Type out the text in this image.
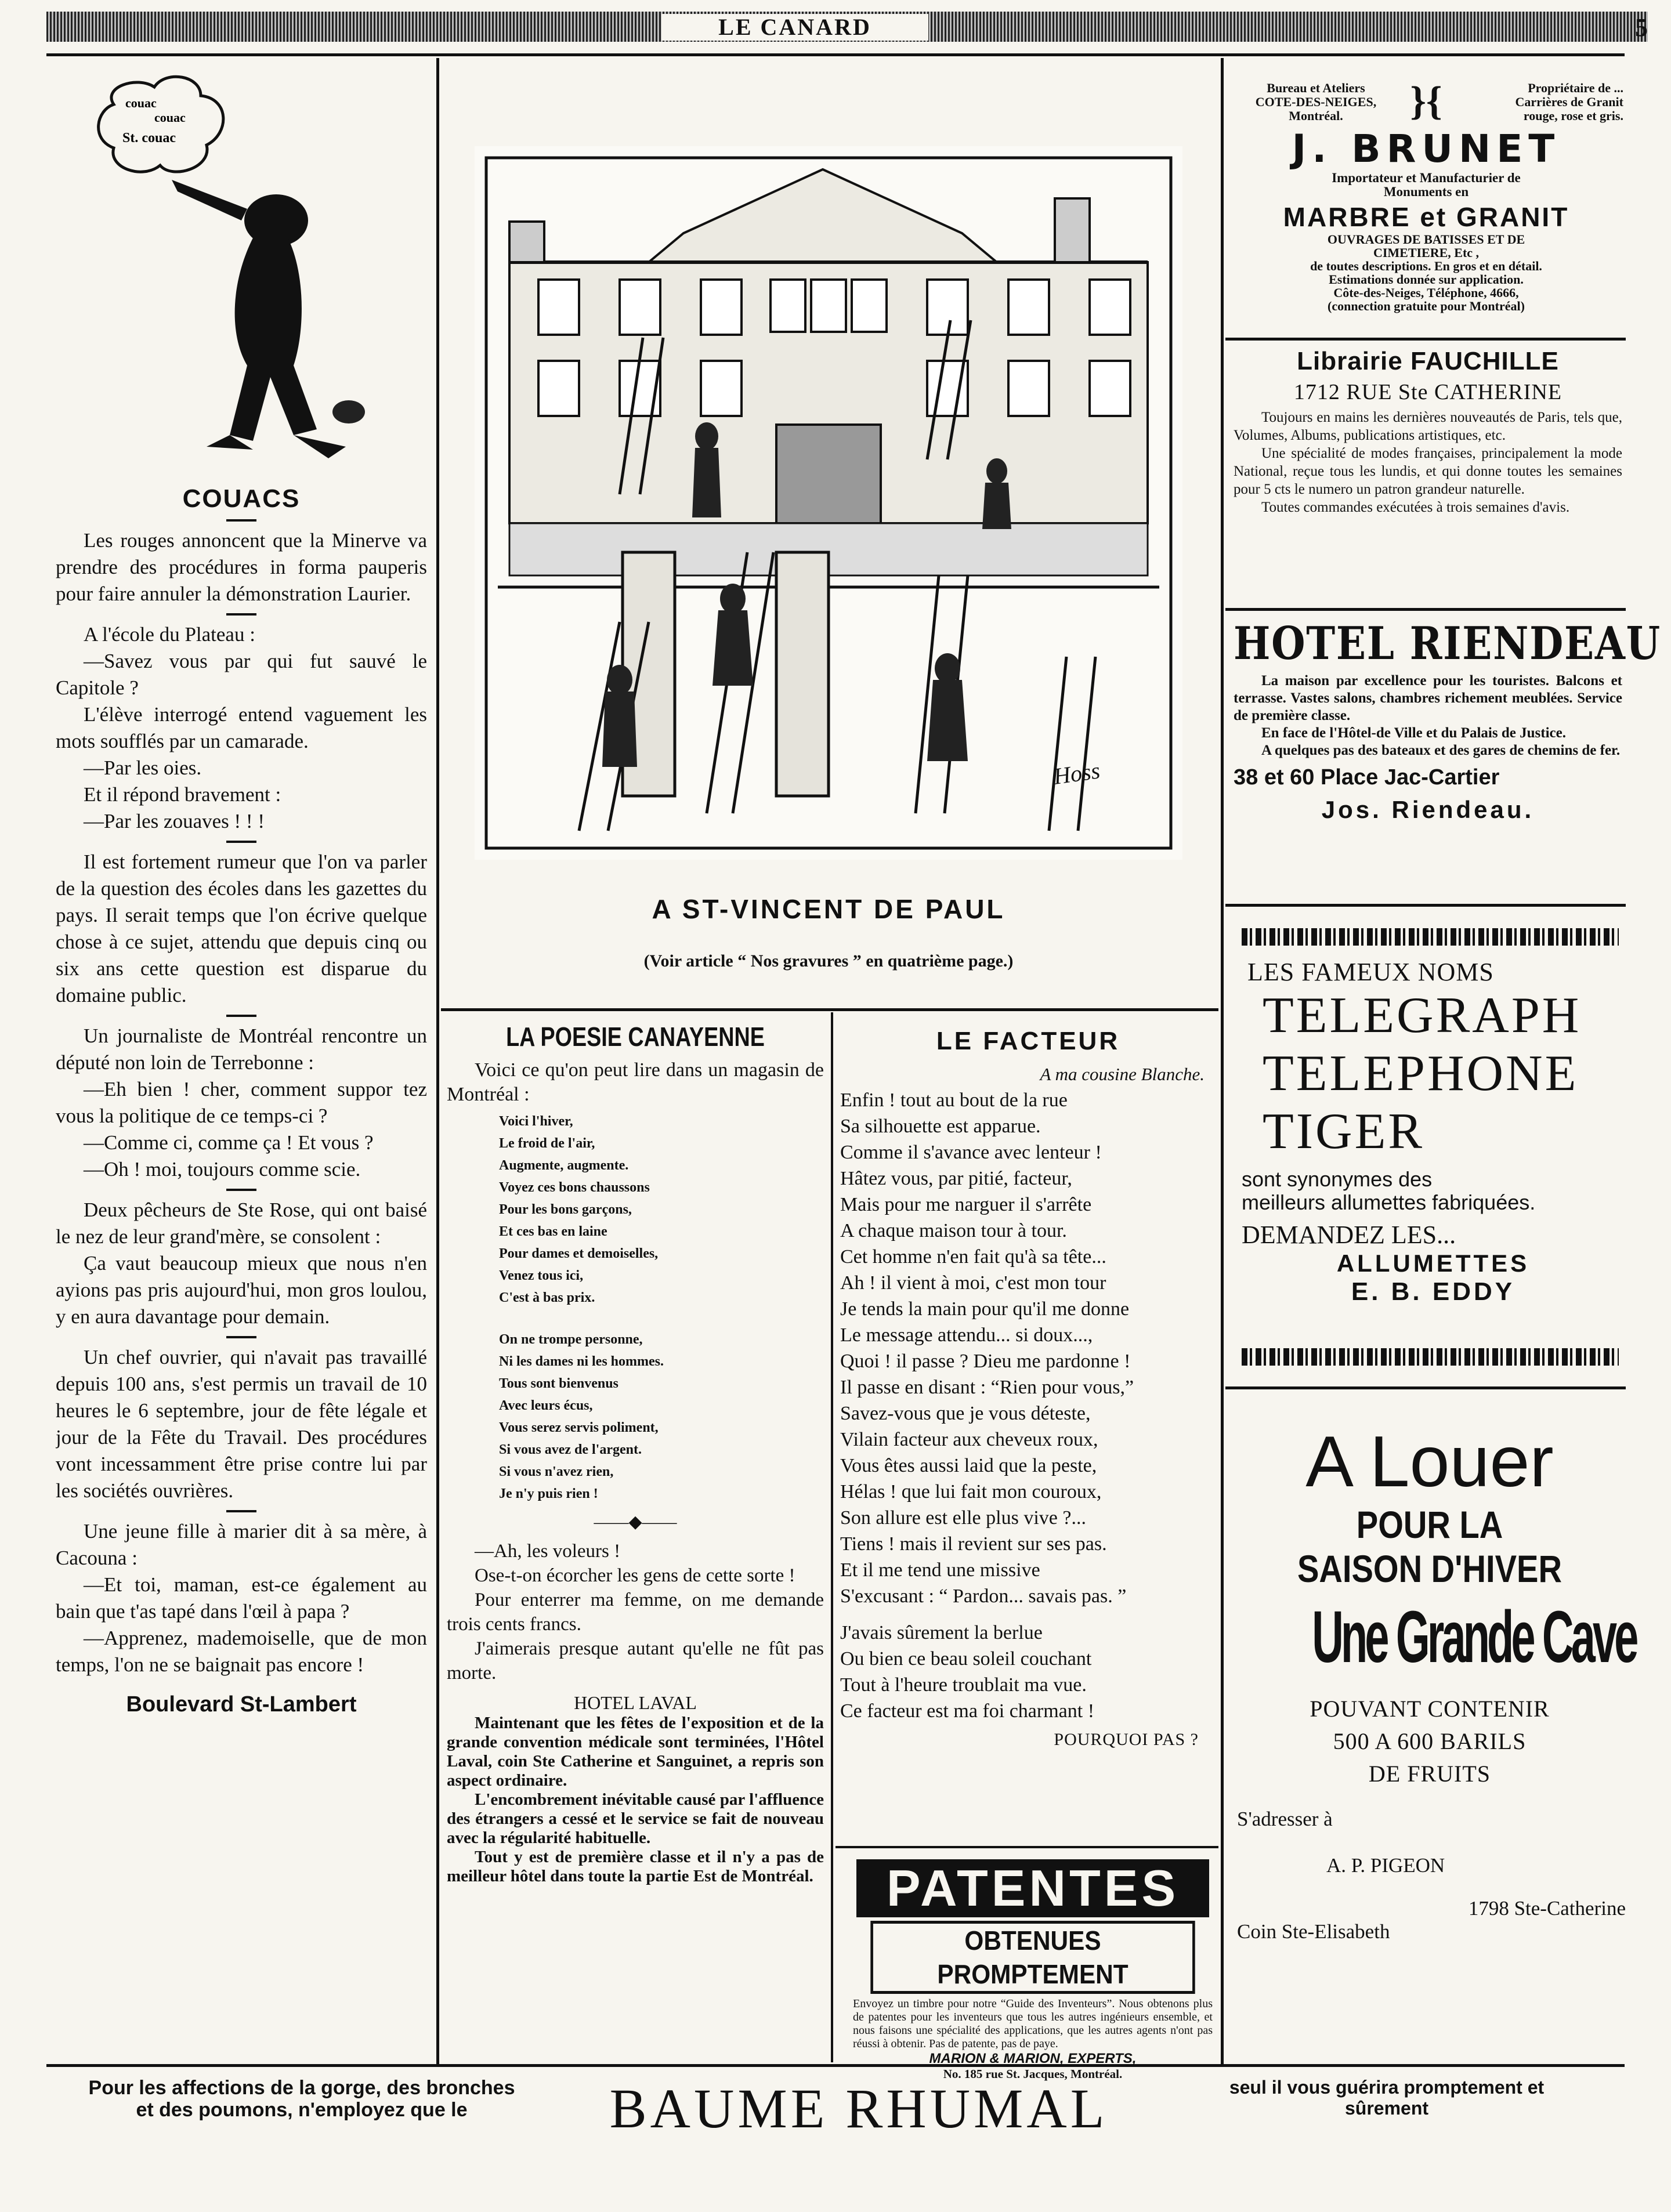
LE CANARD	5
couac
couac
St. couac
COUACS

Les rouges annoncent que la Minerve va prendre des procédures in forma pauperis pour faire annuler la démonstration Laurier.

A l'école du Plateau :

—Savez vous par qui fut sauvé le Capitole ?

L'élève interrogé entend vaguement les mots soufflés par un camarade.

—Par les oies.

Et il répond bravement :

—Par les zouaves ! ! !

Il est fortement rumeur que l'on va parler de la question des écoles dans les gazettes du pays. Il serait temps que l'on écrive quelque chose à ce sujet, attendu que depuis cinq ou six ans cette question est disparue du domaine public.

Un journaliste de Montréal rencontre un député non loin de Terrebonne :

—Eh bien ! cher, comment suppor tez vous la politique de ce temps-ci ?

—Comme ci, comme ça ! Et vous ?

—Oh ! moi, toujours comme scie.

Deux pêcheurs de Ste Rose, qui ont baisé le nez de leur grand'mère, se consolent :

Ça vaut beaucoup mieux que nous n'en ayions pas pris aujourd'hui, mon gros loulou, y en aura davantage pour demain.

Un chef ouvrier, qui n'avait pas travaillé depuis 100 ans, s'est permis un travail de 10 heures le 6 septembre, jour de fête légale et jour de la Fête du Travail. Des procédures vont incessamment être prise contre lui par les sociétés ouvrières.

Une jeune fille à marier dit à sa mère, à Cacouna :

—Et toi, maman, est-ce également au bain que t'as tapé dans l'œil à papa ?

—Apprenez, mademoiselle, que de mon temps, l'on ne se baignait pas encore !

Boulevard St-Lambert
Hoss
A ST-VINCENT DE PAUL
(Voir article “ Nos gravures ” en quatrième page.)
LA POESIE CANAYENNE

Voici ce qu'on peut lire dans un magasin de Montréal :

Voici l'hiver,
Le froid de l'air,
Augmente, augmente.
Voyez ces bons chaussons
Pour les bons garçons,
Et ces bas en laine
Pour dames et demoiselles,
Venez tous ici,
C'est à bas prix.
On ne trompe personne,
Ni les dames ni les hommes.
Tous sont bienvenus
Avec leurs écus,
Vous serez servis poliment,
Si vous avez de l'argent.
Si vous n'avez rien,
Je n'y puis rien !
——◆——

—Ah, les voleurs !

Ose-t-on écorcher les gens de cette sorte !

Pour enterrer ma femme, on me demande trois cents francs.

J'aimerais presque autant qu'elle ne fût pas morte.

HOTEL LAVAL

Maintenant que les fêtes de l'exposition et de la grande convention médicale sont terminées, l'Hôtel Laval, coin Ste Catherine et Sanguinet, a repris son aspect ordinaire.

L'encombrement inévitable causé par l'affluence des étrangers a cessé et le service se fait de nouveau avec la régularité habituelle.

Tout y est de première classe et il n'y a pas de meilleur hôtel dans toute la partie Est de Montréal.

LE FACTEUR
A ma cousine Blanche.
Enfin ! tout au bout de la rue
Sa silhouette est apparue.
Comme il s'avance avec lenteur !
Hâtez vous, par pitié, facteur,
Mais pour me narguer il s'arrête
A chaque maison tour à tour.
Cet homme n'en fait qu'à sa tête...
Ah ! il vient à moi, c'est mon tour
Je tends la main pour qu'il me donne
Le message attendu... si doux...,
Quoi ! il passe ? Dieu me pardonne !
Il passe en disant : “Rien pour vous,”
Savez-vous que je vous déteste,
Vilain facteur aux cheveux roux,
Vous êtes aussi laid que la peste,
Hélas ! que lui fait mon couroux,
Son allure est elle plus vive ?...
Tiens ! mais il revient sur ses pas.
Et il me tend une missive
S'excusant : “ Pardon... savais pas. ”
J'avais sûrement la berlue
Ou bien ce beau soleil couchant
Tout à l'heure troublait ma vue.
Ce facteur est ma foi charmant !
POURQUOI PAS ?
PATENTES
OBTENUES PROMPTEMENT
Envoyez un timbre pour notre “Guide des Inventeurs”. Nous obtenons plus de patentes pour les inventeurs que tous les autres ingénieurs ensemble, et nous faisons une spécialité des applications, que les autres agents n'ont pas réussi à obtenir. Pas de patente, pas de paye.
MARION & MARION, EXPERTS,
No. 185 rue St. Jacques, Montréal.
Bureau et Ateliers
COTE-DES-NEIGES,
Montréal.	}{	Propriétaire de ...
Carrières de Granit
rouge, rose et gris.
J. BRUNET
Importateur et Manufacturier de
Monuments en
MARBRE et GRANIT
OUVRAGES DE BATISSES ET DE
CIMETIERE, Etc ,
de toutes descriptions. En gros et en détail.
Estimations donnée sur application.
Côte-des-Neiges, Téléphone, 4666,
(connection gratuite pour Montréal)
Librairie FAUCHILLE
1712 RUE Ste CATHERINE

Toujours en mains les dernières nouveautés de Paris, tels que, Volumes, Albums, publications artistiques, etc.

Une spécialité de modes françaises, principalement la mode National, reçue tous les lundis, et qui donne toutes les semaines pour 5 cts le numero un patron grandeur naturelle.

Toutes commandes exécutées à trois semaines d'avis.

HOTEL RIENDEAU

La maison par excellence pour les touristes. Balcons et terrasse. Vastes salons, chambres richement meublées. Service de première classe.

En face de l'Hôtel-de Ville et du Palais de Justice.

A quelques pas des bateaux et des gares de chemins de fer.

38 et 60 Place Jac-Cartier
Jos. Riendeau.
LES FAMEUX NOMS
TELEGRAPH
TELEPHONE
TIGER
sont synonymes des
meilleurs allumettes fabriquées.
DEMANDEZ LES...
ALLUMETTES
E. B. EDDY
A Louer
POUR LA
SAISON D'HIVER
Une Grande Cave
POUVANT CONTENIR
500 A 600 BARILS
DE FRUITS
S'adresser à
A. P. PIGEON
1798 Ste-Catherine
Coin Ste-Elisabeth
Pour les affections de la gorge, des bronches
et des poumons, n'employez que le	BAUME RHUMAL	seul il vous guérira promptement et
sûrement
